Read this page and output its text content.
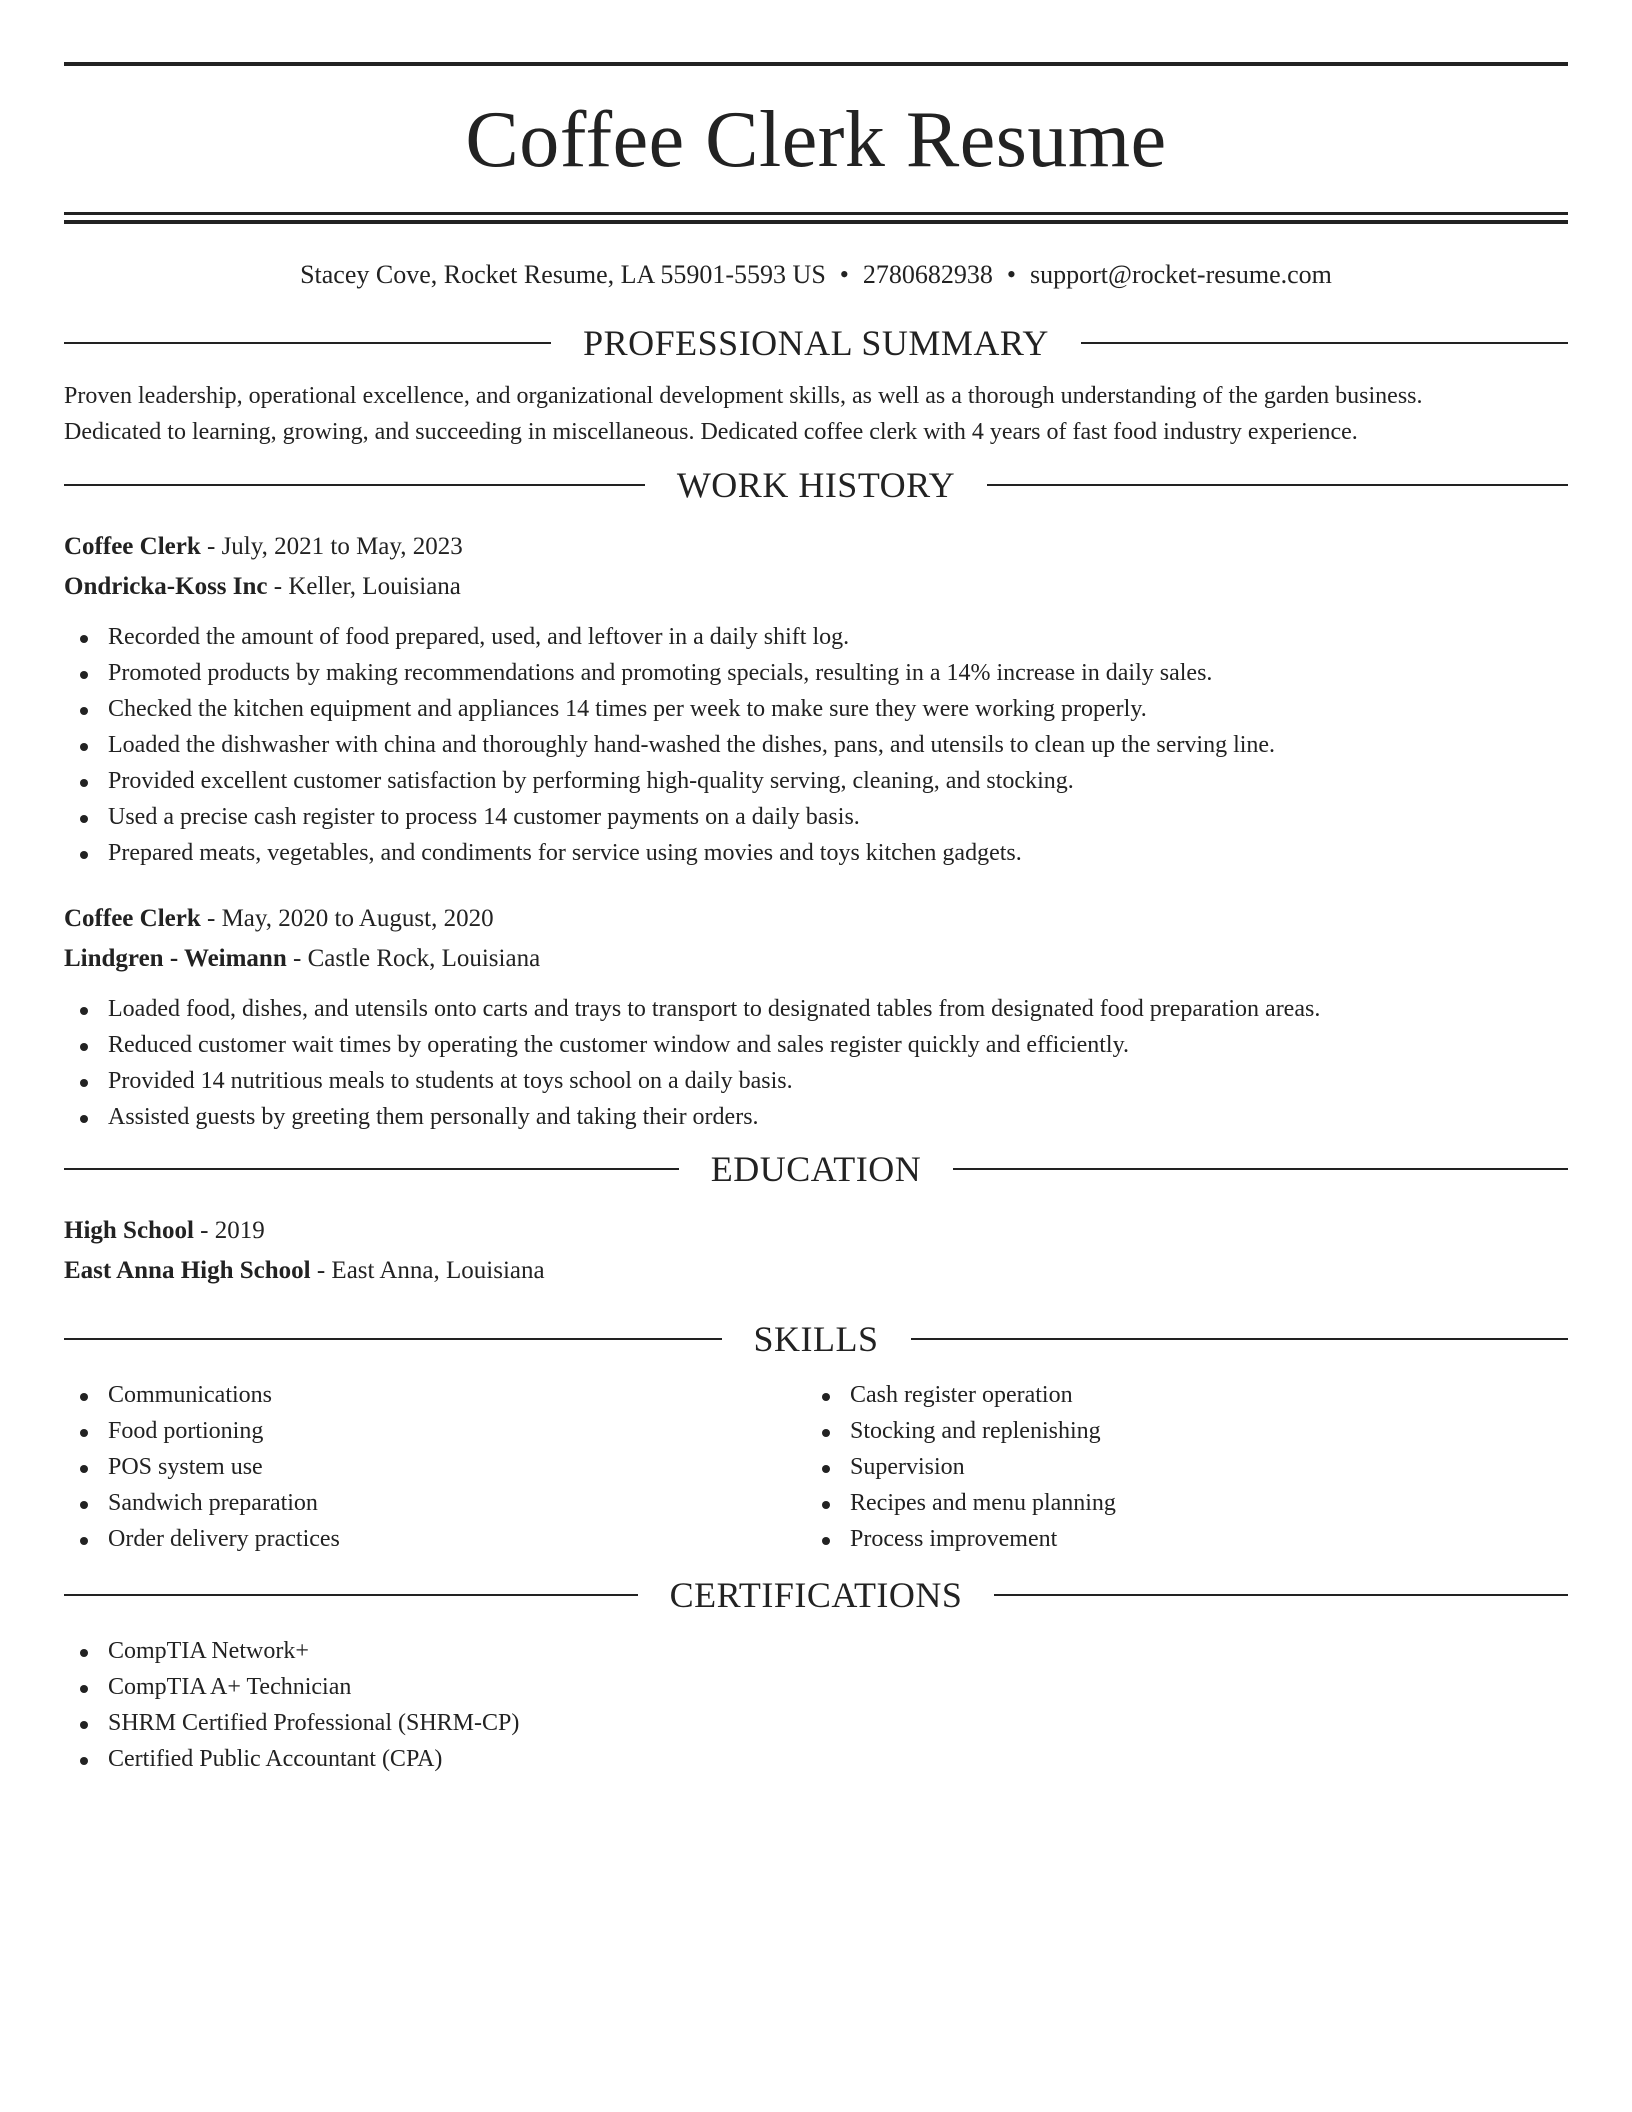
Coffee Clerk Resume
Stacey Cove, Rocket Resume, LA 55901-5593 US • 2780682938 • support@rocket-resume.com
PROFESSIONAL SUMMARY
Proven leadership, operational excellence, and organizational development skills, as well as a thorough understanding of the garden business.
Dedicated to learning, growing, and succeeding in miscellaneous. Dedicated coffee clerk with 4 years of fast food industry experience.
WORK HISTORY
Coffee Clerk - July, 2021 to May, 2023
Ondricka-Koss Inc - Keller, Louisiana
Recorded the amount of food prepared, used, and leftover in a daily shift log.
Promoted products by making recommendations and promoting specials, resulting in a 14% increase in daily sales.
Checked the kitchen equipment and appliances 14 times per week to make sure they were working properly.
Loaded the dishwasher with china and thoroughly hand-washed the dishes, pans, and utensils to clean up the serving line.
Provided excellent customer satisfaction by performing high-quality serving, cleaning, and stocking.
Used a precise cash register to process 14 customer payments on a daily basis.
Prepared meats, vegetables, and condiments for service using movies and toys kitchen gadgets.
Coffee Clerk - May, 2020 to August, 2020
Lindgren - Weimann - Castle Rock, Louisiana
Loaded food, dishes, and utensils onto carts and trays to transport to designated tables from designated food preparation areas.
Reduced customer wait times by operating the customer window and sales register quickly and efficiently.
Provided 14 nutritious meals to students at toys school on a daily basis.
Assisted guests by greeting them personally and taking their orders.
EDUCATION
High School - 2019
East Anna High School - East Anna, Louisiana
SKILLS
Communications
Food portioning
POS system use
Sandwich preparation
Order delivery practices
Cash register operation
Stocking and replenishing
Supervision
Recipes and menu planning
Process improvement
CERTIFICATIONS
CompTIA Network+
CompTIA A+ Technician
SHRM Certified Professional (SHRM-CP)
Certified Public Accountant (CPA)
